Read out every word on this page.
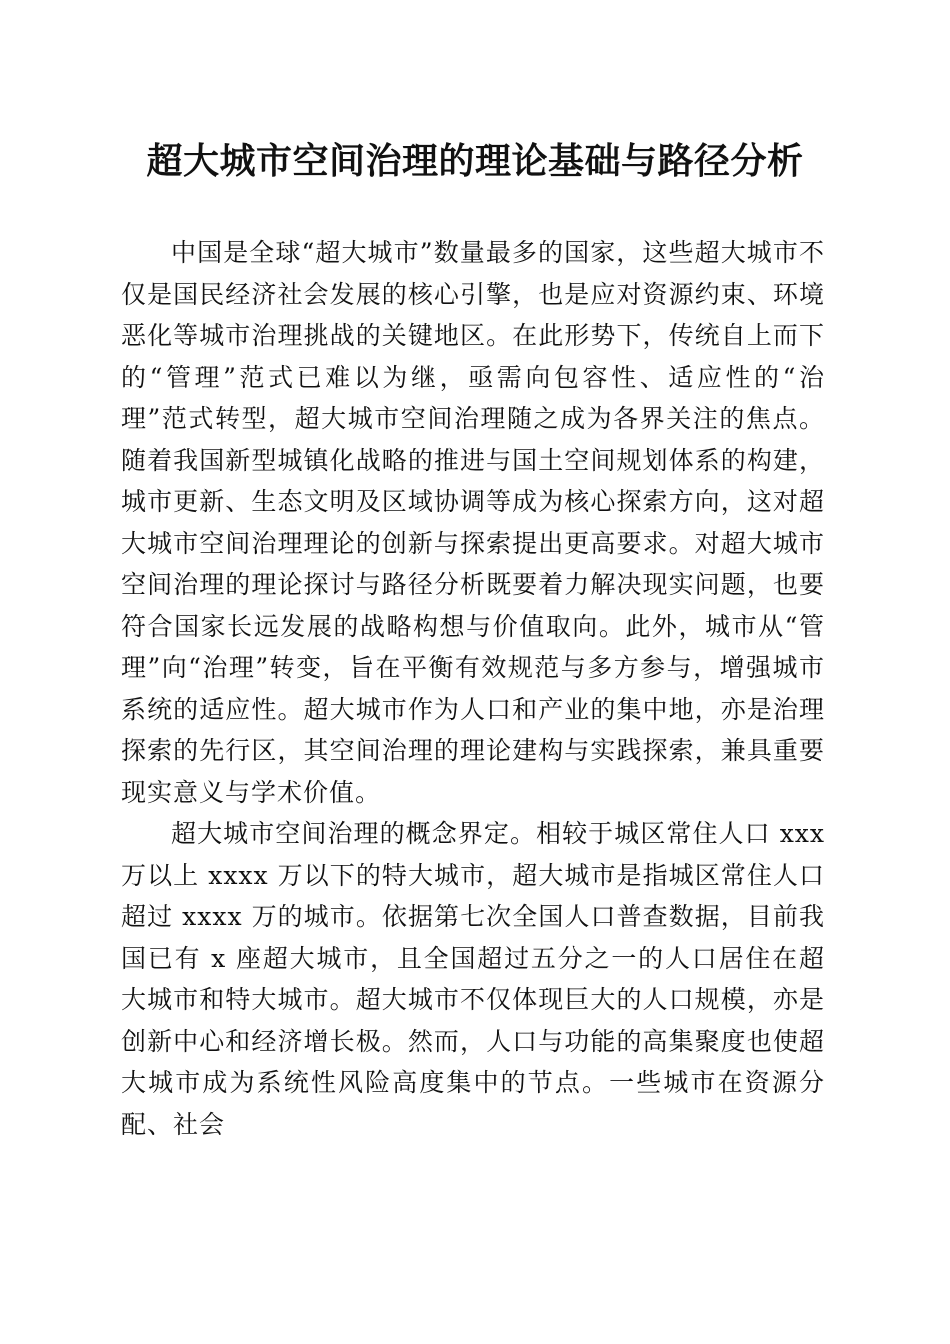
超大城市空间治理的理论基础与路径分析

中国是全球“超大城市”数量最多的国家，这些超大城市不仅是国民经济社会发展的核心引擎，也是应对资源约束、环境恶化等城市治理挑战的关键地区。在此形势下，传统自上而下的“管理”范式已难以为继，亟需向包容性、适应性的“治理”范式转型，超大城市空间治理随之成为各界关注的焦点。随着我国新型城镇化战略的推进与国土空间规划体系的构建，城市更新、生态文明及区域协调等成为核心探索方向，这对超大城市空间治理理论的创新与探索提出更高要求。对超大城市空间治理的理论探讨与路径分析既要着力解决现实问题，也要符合国家长远发展的战略构想与价值取向。此外，城市从“管理”向“治理”转变，旨在平衡有效规范与多方参与，增强城市系统的适应性。超大城市作为人口和产业的集中地，亦是治理探索的先行区，其空间治理的理论建构与实践探索，兼具重要现实意义与学术价值。

超大城市空间治理的概念界定。相较于城区常住人口 xxx 万以上 xxxx 万以下的特大城市，超大城市是指城区常住人口超过 xxxx 万的城市。依据第七次全国人口普查数据，目前我国已有 x 座超大城市，且全国超过五分之一的人口居住在超大城市和特大城市。超大城市不仅体现巨大的人口规模，亦是创新中心和经济增长极。然而，人口与功能的高集聚度也使超大城市成为系统性风险高度集中的节点。一些城市在资源分配、社会
